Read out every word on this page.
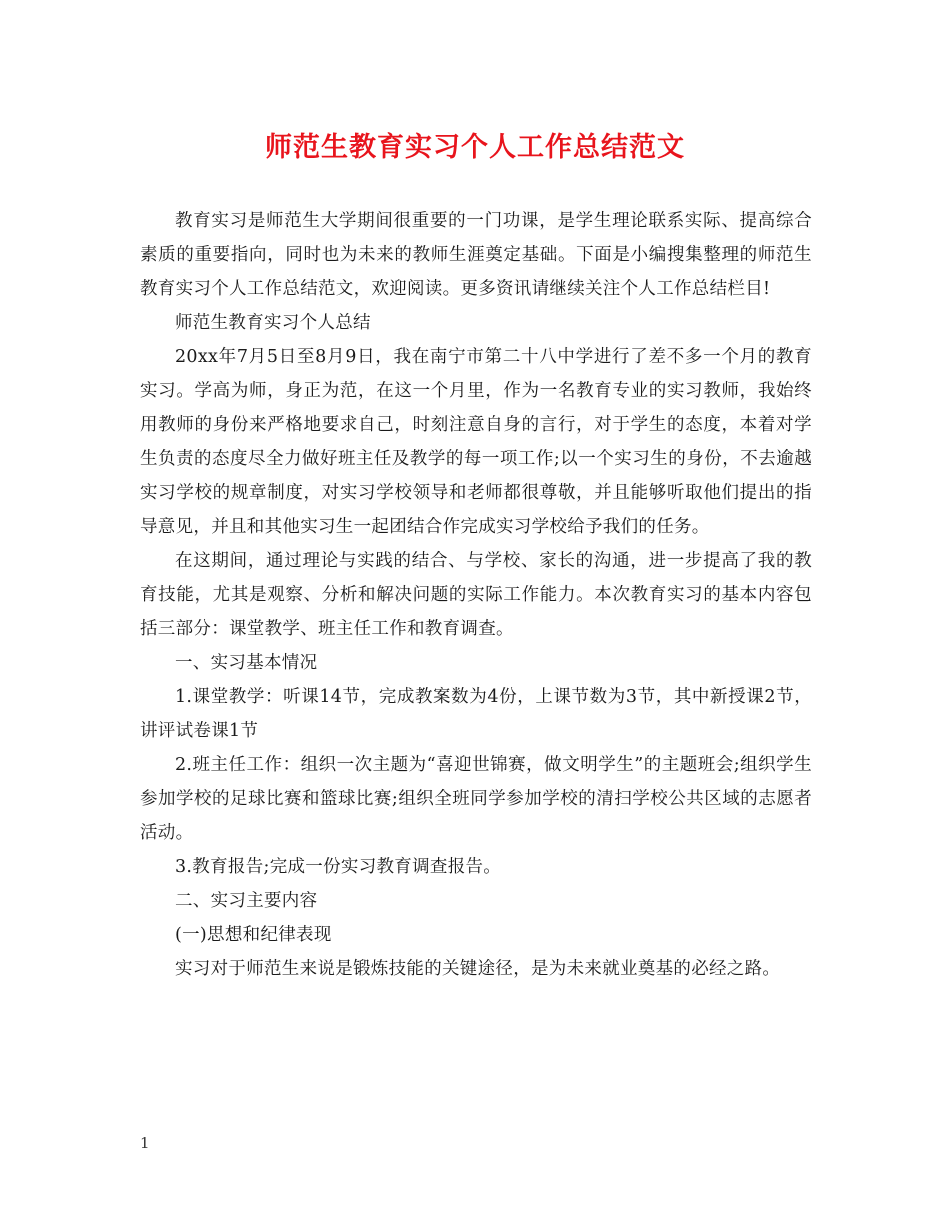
师范生教育实习个人工作总结范文

教育实习是师范生大学期间很重要的一门功课，是学生理论联系实际、提高综合素质的重要指向，同时也为未来的教师生涯奠定基础。下面是小编搜集整理的师范生教育实习个人工作总结范文，欢迎阅读。更多资讯请继续关注个人工作总结栏目!

师范生教育实习个人总结

20xx年7月5日至8月9日，我在南宁市第二十八中学进行了差不多一个月的教育实习。学高为师，身正为范，在这一个月里，作为一名教育专业的实习教师，我始终用教师的身份来严格地要求自己，时刻注意自身的言行，对于学生的态度，本着对学生负责的态度尽全力做好班主任及教学的每一项工作;以一个实习生的身份，不去逾越实习学校的规章制度，对实习学校领导和老师都很尊敬，并且能够听取他们提出的指导意见，并且和其他实习生一起团结合作完成实习学校给予我们的任务。

在这期间，通过理论与实践的结合、与学校、家长的沟通，进一步提高了我的教育技能，尤其是观察、分析和解决问题的实际工作能力。本次教育实习的基本内容包括三部分：课堂教学、班主任工作和教育调查。

一、实习基本情况

1.课堂教学：听课14节，完成教案数为4份，上课节数为3节，其中新授课2节，讲评试卷课1节

2.班主任工作：组织一次主题为“喜迎世锦赛，做文明学生”的主题班会;组织学生参加学校的足球比赛和篮球比赛;组织全班同学参加学校的清扫学校公共区域的志愿者活动。

3.教育报告;完成一份实习教育调查报告。

二、实习主要内容

(一)思想和纪律表现

实习对于师范生来说是锻炼技能的关键途径，是为未来就业奠基的必经之路。

1
